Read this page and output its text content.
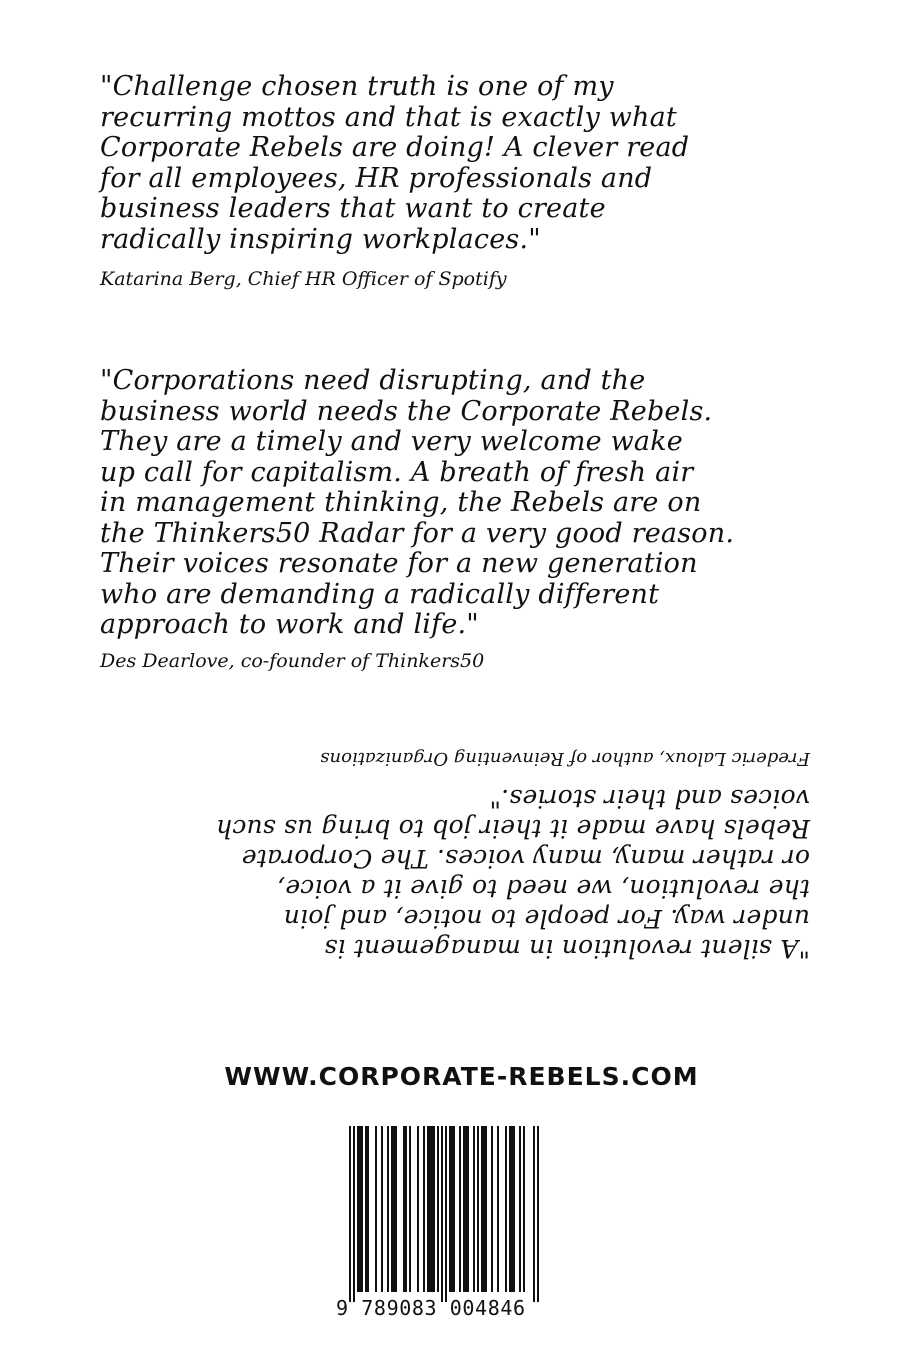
"Challenge chosen truth is one of my
recurring mottos and that is exactly what
Corporate Rebels are doing! A clever read
for all employees, HR professionals and
business leaders that want to create
radically inspiring workplaces."
Katarina Berg, Chief HR Officer of Spotify
"Corporations need disrupting, and the
business world needs the Corporate Rebels.
They are a timely and very welcome wake
up call for capitalism. A breath of fresh air
in management thinking, the Rebels are on
the Thinkers50 Radar for a very good reason.
Their voices resonate for a new generation
who are demanding a radically different
approach to work and life."
Des Dearlove, co-founder of Thinkers50
"A silent revolution in management is
under way. For people to notice, and join
the revolution, we need to give it a voice,
or rather many, many voices. The Corporate
Rebels have made it their job to bring us such
voices and their stories."
Frederic Laloux, author of Reinventing Organizations
WWW.CORPORATE-REBELS.COM
9 789083 004846
